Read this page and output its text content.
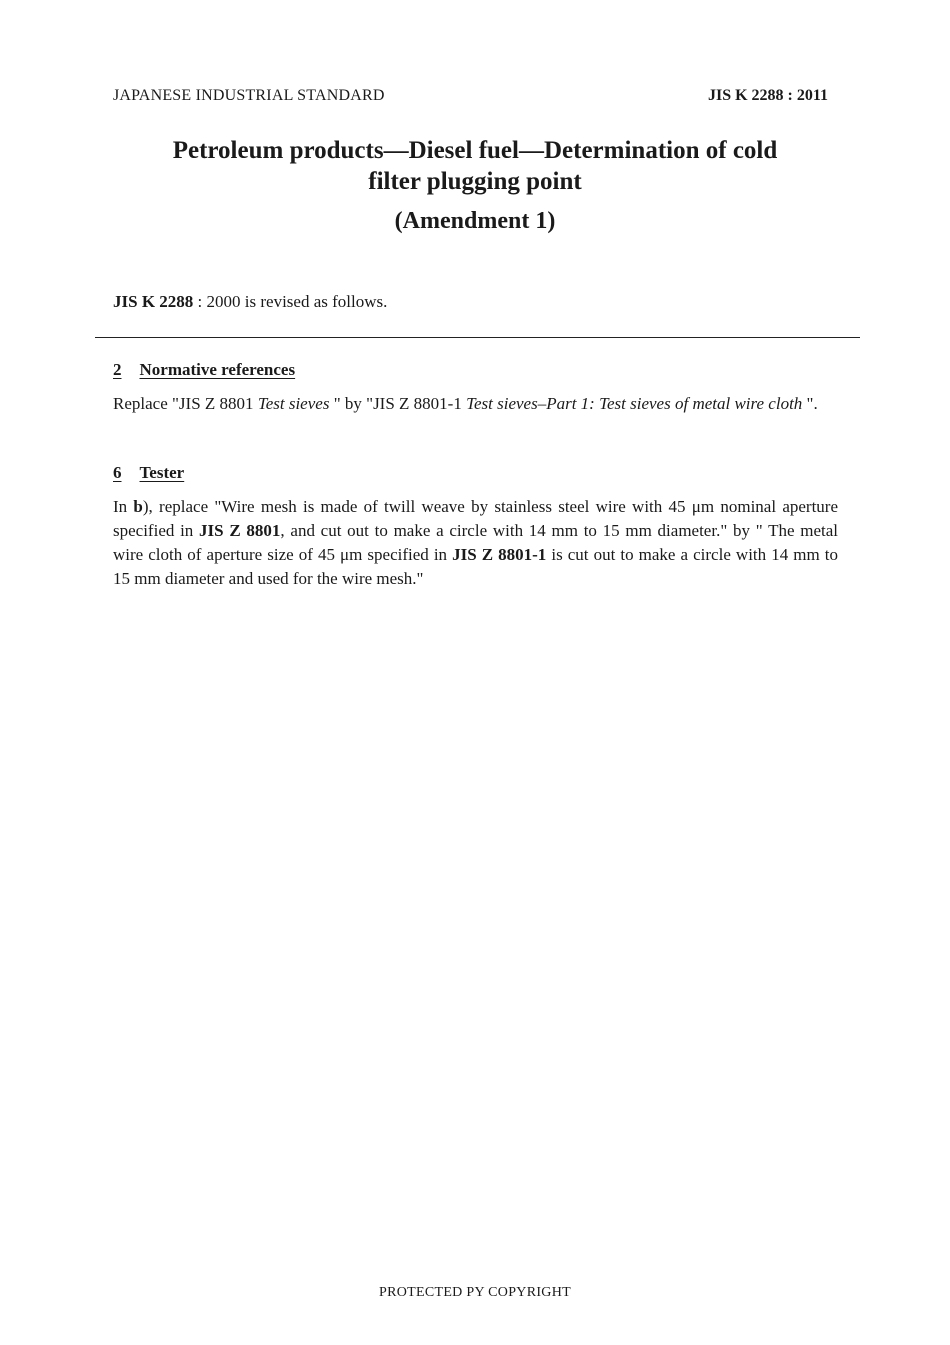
JAPANESE INDUSTRIAL STANDARD	JIS K 2288 : 2011
Petroleum products—Diesel fuel—Determination of cold
filter plugging point
(Amendment 1)
JIS K 2288 : 2000 is revised as follows.
2 Normative references
Replace "JIS Z 8801 Test sieves " by "JIS Z 8801-1 Test sieves–Part 1: Test sieves of metal wire cloth ".
6 Tester
In b), replace "Wire mesh is made of twill weave by stainless steel wire with 45 μm nominal aperture specified in JIS Z 8801, and cut out to make a circle with 14 mm to 15 mm diameter." by " The metal wire cloth of aperture size of 45 μm specified in JIS Z 8801-1 is cut out to make a circle with 14 mm to 15 mm diameter and used for the wire mesh."
PROTECTED PY COPYRIGHT
